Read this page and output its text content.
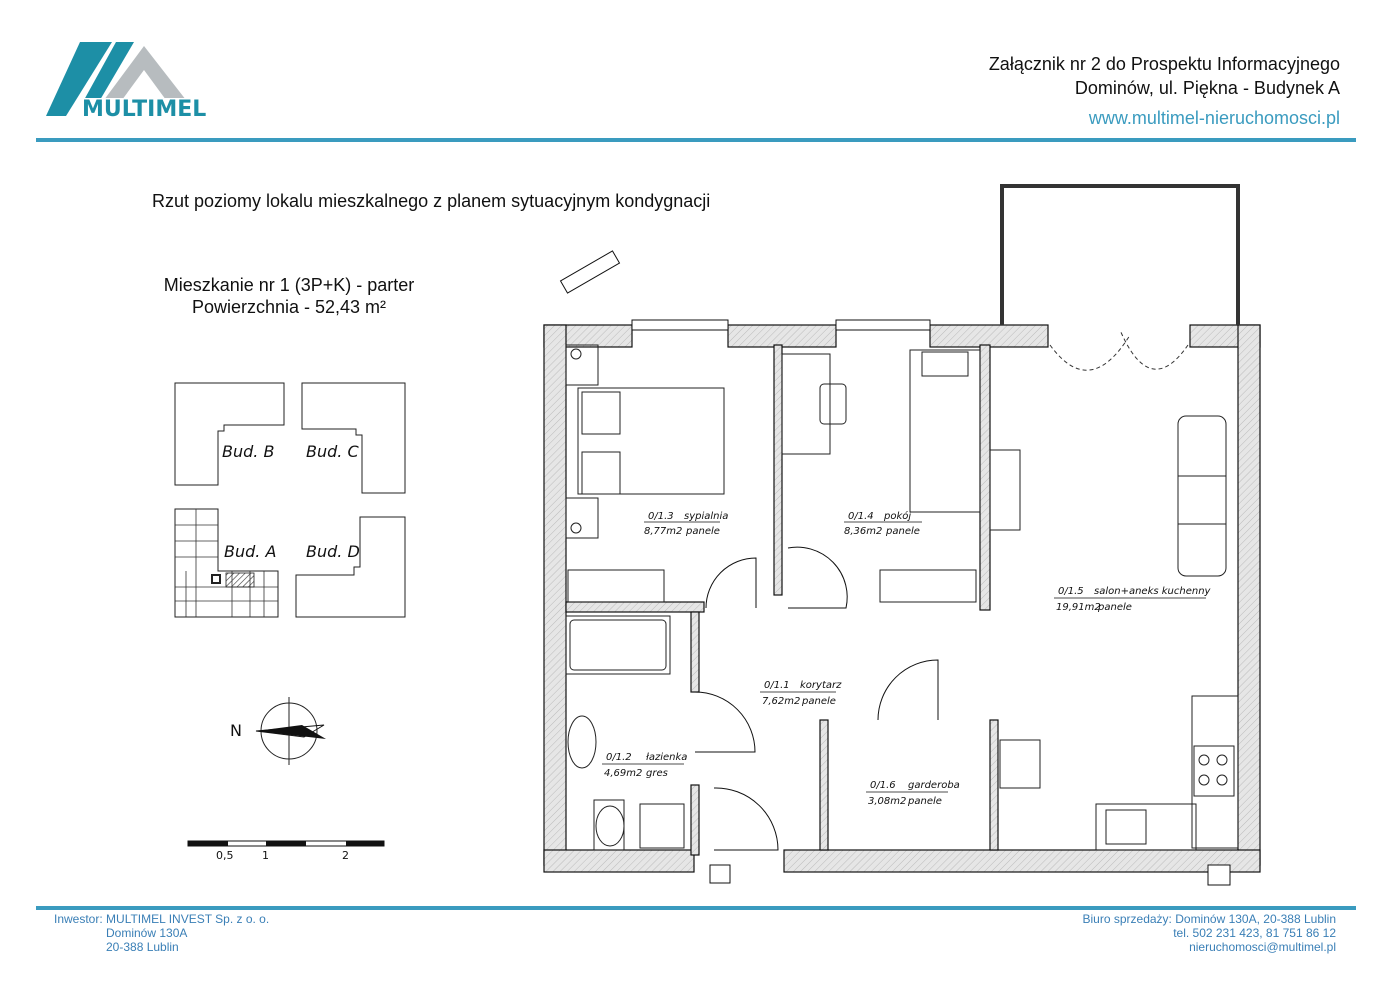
MULTIMEL
Załącznik nr 2 do Prospektu Informacyjnego
Dominów, ul. Piękna - Budynek A
www.multimel-nieruchomosci.pl
Rzut poziomy lokalu mieszkalnego z planem sytuacyjnym kondygnacji
Mieszkanie nr 1 (3P+K) - parter
Powierzchnia - 52,43 m²
Bud. B Bud. C
Bud. A Bud. D
N
0,5	1	2
0/1.3 sypialnia
8,77m2 panele
0/1.4 pokój
8,36m2 panele
0/1.5 salon+aneks kuchenny
19,91m2
panele
0/1.1 korytarz
7,62m2 panele
0/1.2 łazienka
4,69m2 gres
0/1.6 garderoba
3,08m2 panele
Inwestor: MULTIMEL INVEST Sp. z o. o.
Dominów 130A
20-388 Lublin
Biuro sprzedaży: Dominów 130A, 20-388 Lublin
tel. 502 231 423, 81 751 86 12
nieruchomosci@multimel.pl
